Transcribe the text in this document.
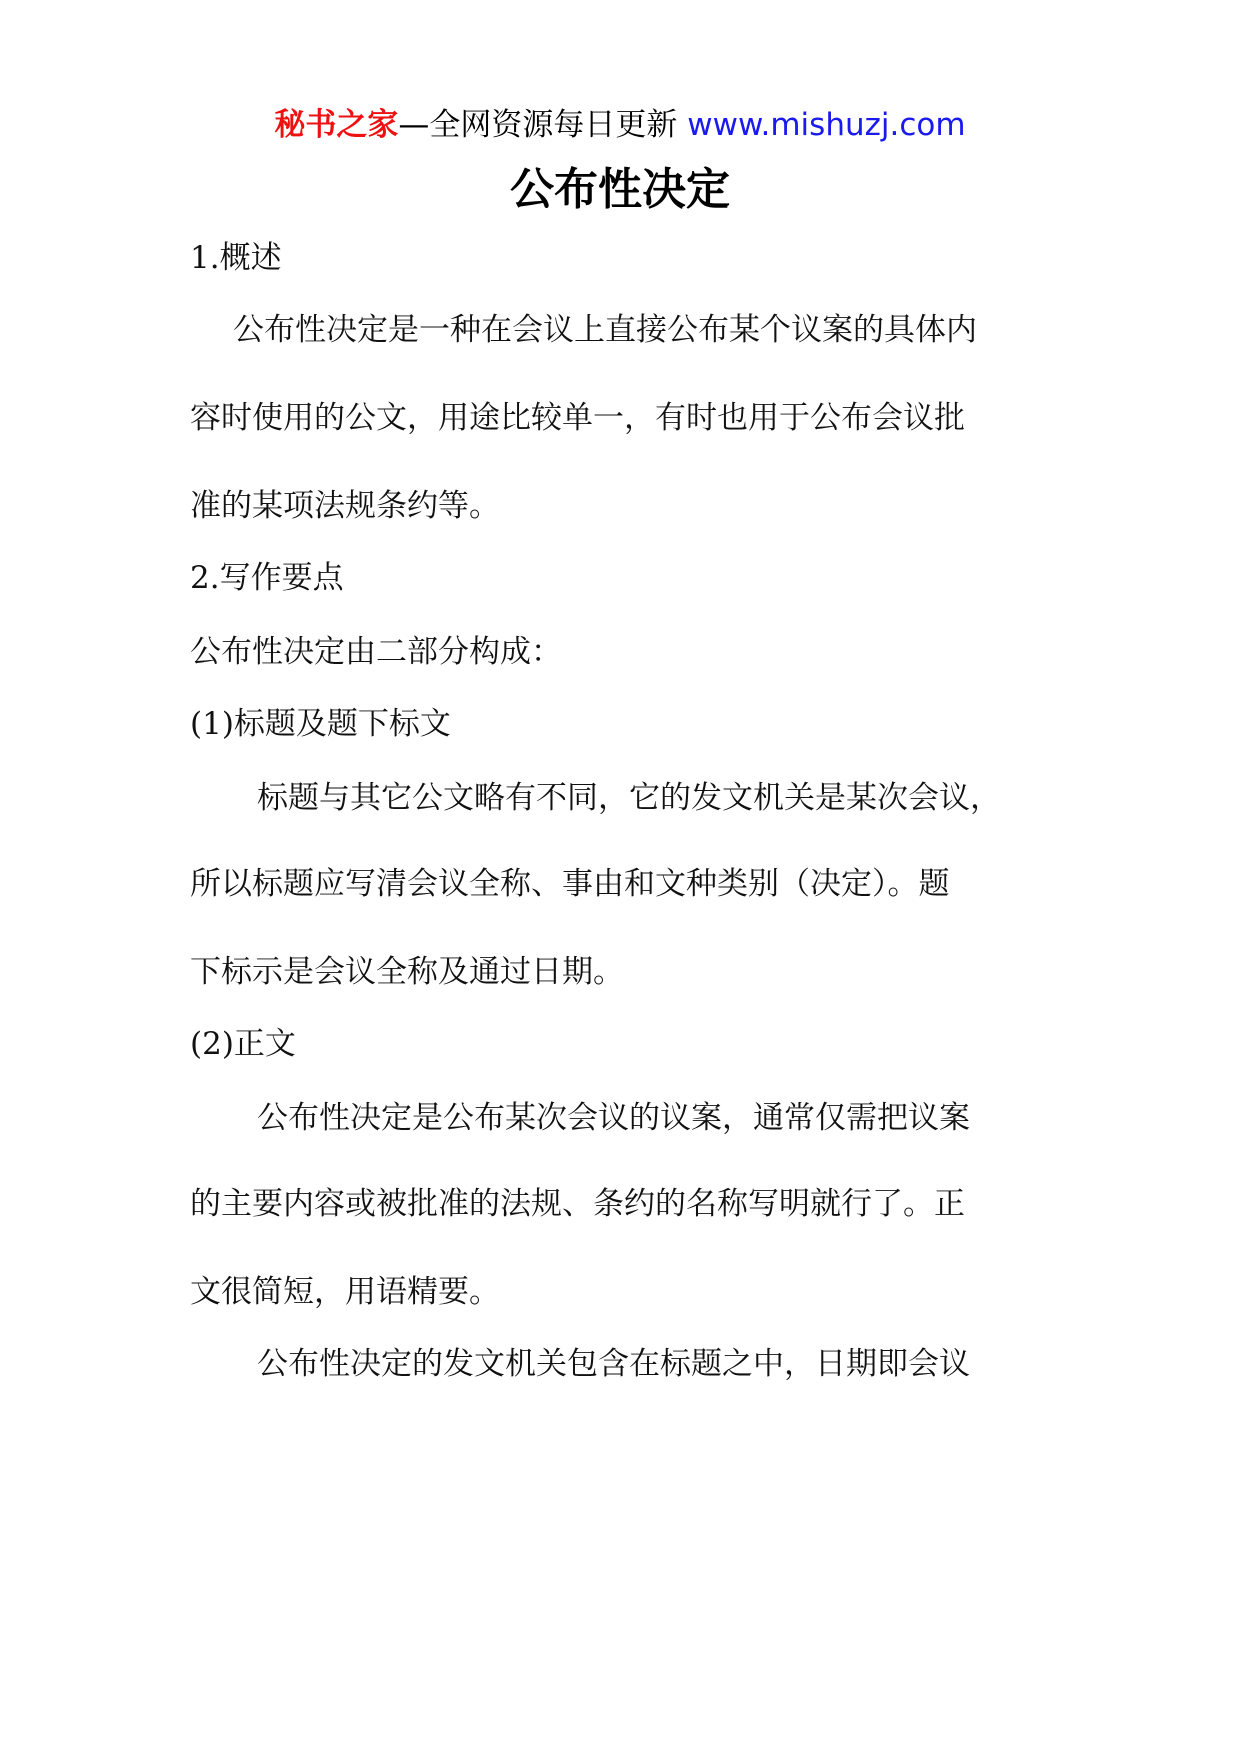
秘书之家—全网资源每日更新 www.mishuzj.com
公布性决定

1.概述

公布性决定是一种在会议上直接公布某个议案的具体内

容时使用的公文，用途比较单一，有时也用于公布会议批

准的某项法规条约等。

2.写作要点

公布性决定由二部分构成：

(1)标题及题下标文

标题与其它公文略有不同，它的发文机关是某次会议，

所以标题应写清会议全称、事由和文种类别（决定）。题

下标示是会议全称及通过日期。

(2)正文

公布性决定是公布某次会议的议案，通常仅需把议案

的主要内容或被批准的法规、条约的名称写明就行了。正

文很简短，用语精要。

公布性决定的发文机关包含在标题之中，日期即会议
